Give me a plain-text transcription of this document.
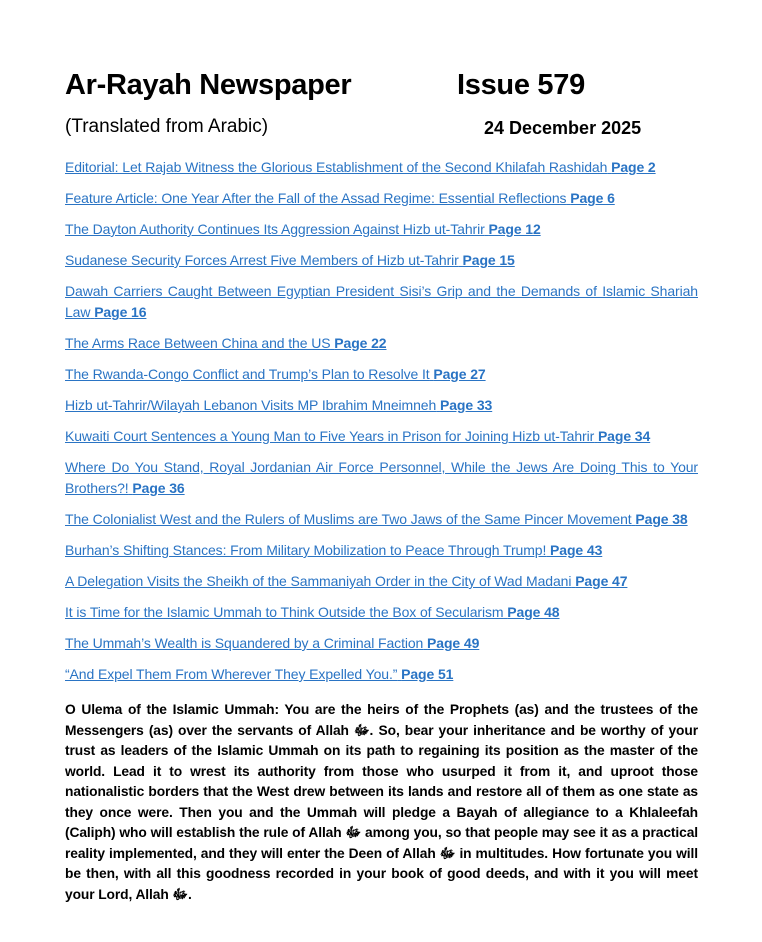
Ar-Rayah Newspaper	Issue 579
(Translated from Arabic)	24 December 2025

Editorial: Let Rajab Witness the Glorious Establishment of the Second Khilafah Rashidah Page 2

Feature Article: One Year After the Fall of the Assad Regime: Essential Reflections Page 6

The Dayton Authority Continues Its Aggression Against Hizb ut-Tahrir Page 12

Sudanese Security Forces Arrest Five Members of Hizb ut-Tahrir Page 15

Dawah Carriers Caught Between Egyptian President Sisi’s Grip and the Demands of Islamic Shariah Law Page 16

The Arms Race Between China and the US Page 22

The Rwanda-Congo Conflict and Trump’s Plan to Resolve It Page 27

Hizb ut-Tahrir/Wilayah Lebanon Visits MP Ibrahim Mneimneh Page 33

Kuwaiti Court Sentences a Young Man to Five Years in Prison for Joining Hizb ut-Tahrir Page 34

Where Do You Stand, Royal Jordanian Air Force Personnel, While the Jews Are Doing This to Your Brothers?! Page 36

The Colonialist West and the Rulers of Muslims are Two Jaws of the Same Pincer Movement Page 38

Burhan’s Shifting Stances: From Military Mobilization to Peace Through Trump! Page 43

A Delegation Visits the Sheikh of the Sammaniyah Order in the City of Wad Madani Page 47

It is Time for the Islamic Ummah to Think Outside the Box of Secularism Page 48

The Ummah’s Wealth is Squandered by a Criminal Faction Page 49

“And Expel Them From Wherever They Expelled You.” Page 51

O Ulema of the Islamic Ummah: You are the heirs of the Prophets (as) and the trustees of the Messengers (as) over the servants of Allah ﷻ. So, bear your inheritance and be worthy of your trust as leaders of the Islamic Ummah on its path to regaining its position as the master of the world. Lead it to wrest its authority from those who usurped it from it, and uproot those nationalistic borders that the West drew between its lands and restore all of them as one state as they once were. Then you and the Ummah will pledge a Bayah of allegiance to a Khlaleefah (Caliph) who will establish the rule of Allah ﷻ among you, so that people may see it as a practical reality implemented, and they will enter the Deen of Allah ﷻ in multitudes. How fortunate you will be then, with all this goodness recorded in your book of good deeds, and with it you will meet your Lord, Allah ﷻ.
